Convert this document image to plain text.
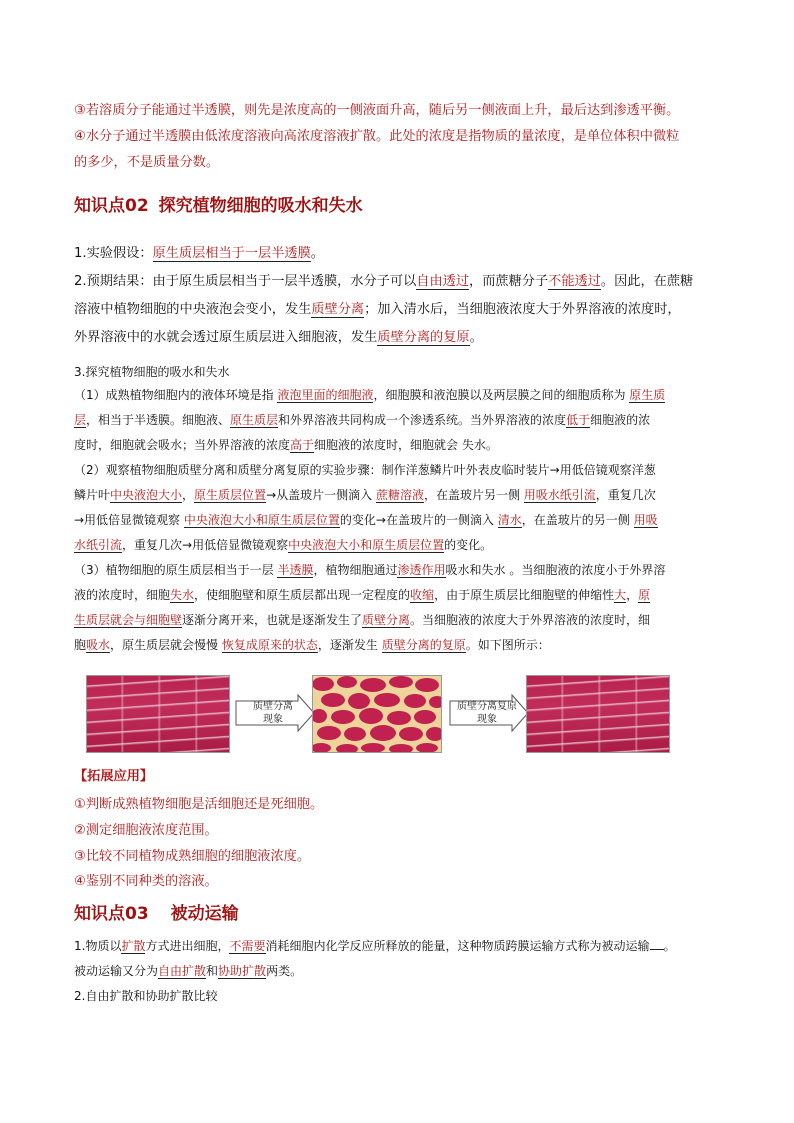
③若溶质分子能通过半透膜，则先是浓度高的一侧液面升高，随后另一侧液面上升，最后达到渗透平衡。
④水分子通过半透膜由低浓度溶液向高浓度溶液扩散。此处的浓度是指物质的量浓度，是单位体积中微粒
的多少，不是质量分数。
知识点02 探究植物细胞的吸水和失水
1.实验假设：原生质层相当于一层半透膜。
2.预期结果：由于原生质层相当于一层半透膜，水分子可以自由透过，而蔗糖分子不能透过。因此，在蔗糖
溶液中植物细胞的中央液泡会变小，发生质壁分离；加入清水后，当细胞液浓度大于外界溶液的浓度时，
外界溶液中的水就会透过原生质层进入细胞液，发生质壁分离的复原。
3.探究植物细胞的吸水和失水
（1）成熟植物细胞内的液体环境是指 液泡里面的细胞液，细胞膜和液泡膜以及两层膜之间的细胞质称为 原生质
层，相当于半透膜。细胞液、原生质层和外界溶液共同构成一个渗透系统。当外界溶液的浓度低于细胞液的浓
度时，细胞就会吸水；当外界溶液的浓度高于细胞液的浓度时，细胞就会 失水。
（2）观察植物细胞质壁分离和质壁分离复原的实验步骤：制作洋葱鳞片叶外表皮临时装片→用低倍镜观察洋葱
鳞片叶中央液泡大小，原生质层位置→从盖玻片一侧滴入 蔗糖溶液，在盖玻片另一侧 用吸水纸引流，重复几次
→用低倍显微镜观察 中央液泡大小和原生质层位置的变化→在盖玻片的一侧滴入 清水，在盖玻片的另一侧 用吸
水纸引流，重复几次→用低倍显微镜观察中央液泡大小和原生质层位置的变化。
（3）植物细胞的原生质层相当于一层 半透膜，植物细胞通过渗透作用吸水和失水 。当细胞液的浓度小于外界溶
液的浓度时，细胞失水，使细胞壁和原生质层都出现一定程度的收缩，由于原生质层比细胞壁的伸缩性大，原
生质层就会与细胞壁逐渐分离开来，也就是逐渐发生了质壁分离。当细胞液的浓度大于外界溶液的浓度时，细
胞吸水，原生质层就会慢慢 恢复成原来的状态，逐渐发生 质壁分离的复原。如下图所示：
质壁分离
现象
质壁分离复原
现象
【拓展应用】
①判断成熟植物细胞是活细胞还是死细胞。
②测定细胞液浓度范围。
③比较不同植物成熟细胞的细胞液浓度。
④鉴别不同种类的溶液。
知识点03 被动运输
1.物质以扩散方式进出细胞，不需要消耗细胞内化学反应所释放的能量，这种物质跨膜运输方式称为被动运输 。
被动运输又分为自由扩散和协助扩散两类。
2.自由扩散和协助扩散比较
